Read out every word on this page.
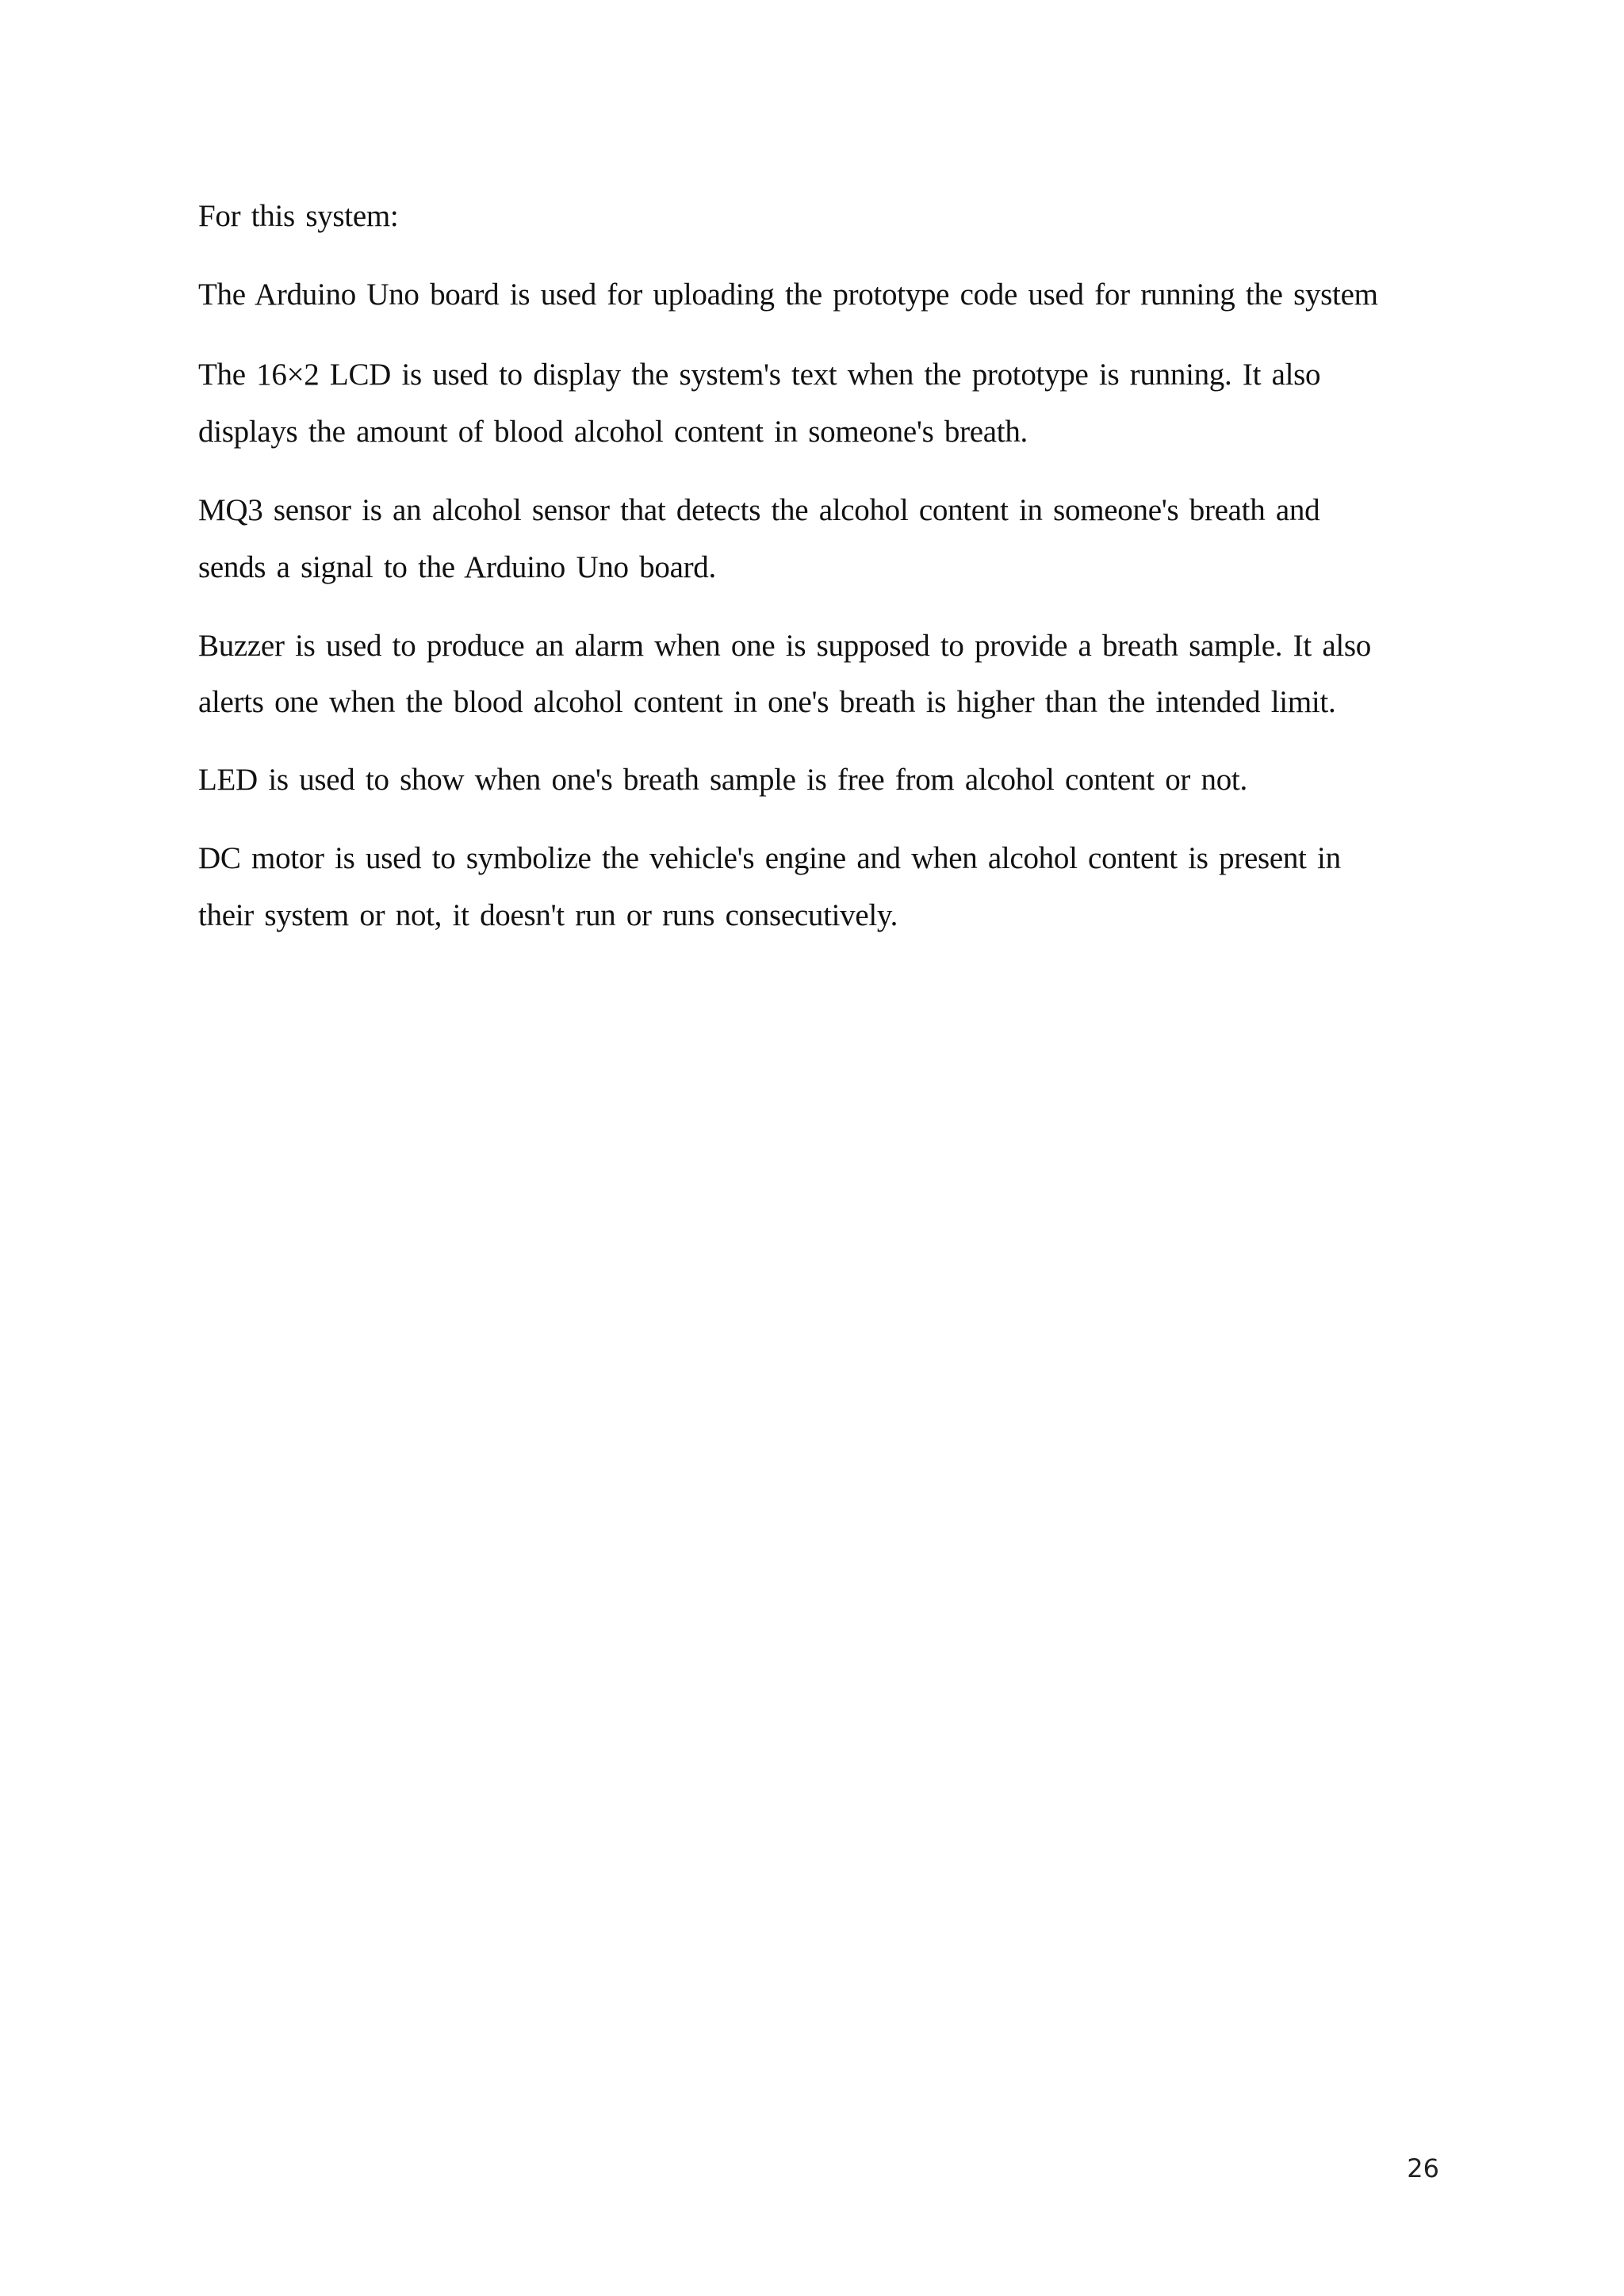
For this system:

The Arduino Uno board is used for uploading the prototype code used for running the system

The 16×2 LCD is used to display the system's text when the prototype is running. It also

displays the amount of blood alcohol content in someone's breath.

MQ3 sensor is an alcohol sensor that detects the alcohol content in someone's breath and

sends a signal to the Arduino Uno board.

Buzzer is used to produce an alarm when one is supposed to provide a breath sample. It also

alerts one when the blood alcohol content in one's breath is higher than the intended limit.

LED is used to show when one's breath sample is free from alcohol content or not.

DC motor is used to symbolize the vehicle's engine and when alcohol content is present in

their system or not, it doesn't run or runs consecutively.

26
